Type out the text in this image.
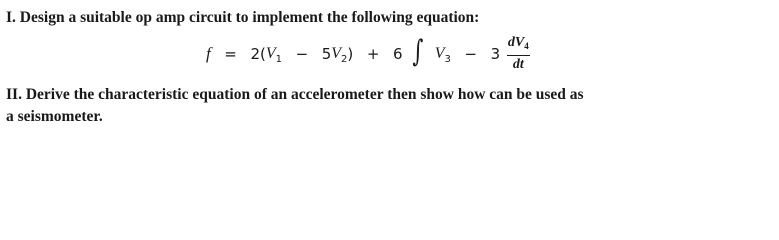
I. Design a suitable op amp circuit to implement the following equation:
f = 2(V1 − 5V2) + 6 ∫ $V3 - 3 \frac{dV4}{dt}$
II. Derive the characteristic equation of an accelerometer then show how can be used as
a seismometer.
